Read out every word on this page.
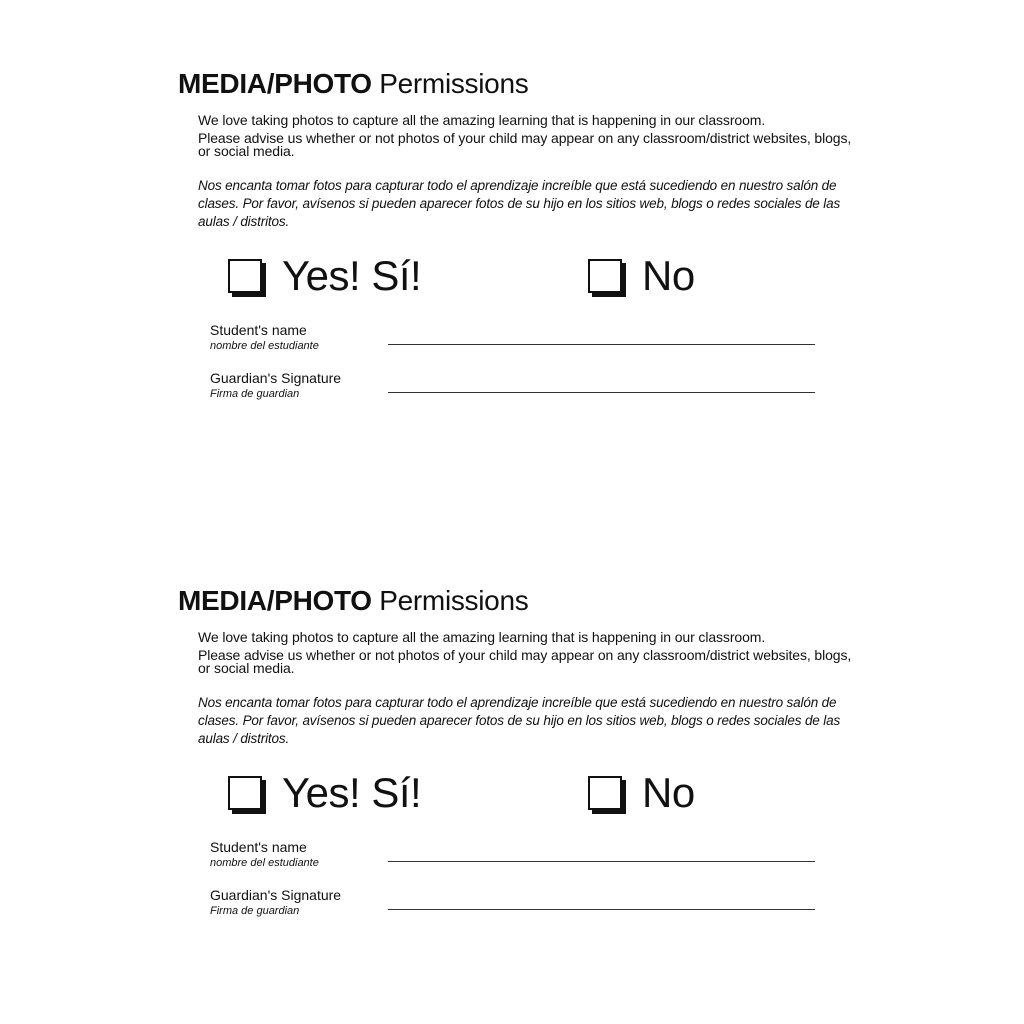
MEDIA/PHOTO Permissions

We love taking photos to capture all the amazing learning that is happening in our classroom.

Please advise us whether or not photos of your child may appear on any classroom/district websites, blogs, or social media.

Nos encanta tomar fotos para capturar todo el aprendizaje increíble que está sucediendo en nuestro salón de clases. Por favor, avísenos si pueden aparecer fotos de su hijo en los sitios web, blogs o redes sociales de las aulas / distritos.

Yes! Sí!	No

Student's name

nombre del estudiante

Guardian's Signature

Firma de guardian

MEDIA/PHOTO Permissions

We love taking photos to capture all the amazing learning that is happening in our classroom.

Please advise us whether or not photos of your child may appear on any classroom/district websites, blogs, or social media.

Nos encanta tomar fotos para capturar todo el aprendizaje increíble que está sucediendo en nuestro salón de clases. Por favor, avísenos si pueden aparecer fotos de su hijo en los sitios web, blogs o redes sociales de las aulas / distritos.

Yes! Sí!	No

Student's name

nombre del estudiante

Guardian's Signature

Firma de guardian
